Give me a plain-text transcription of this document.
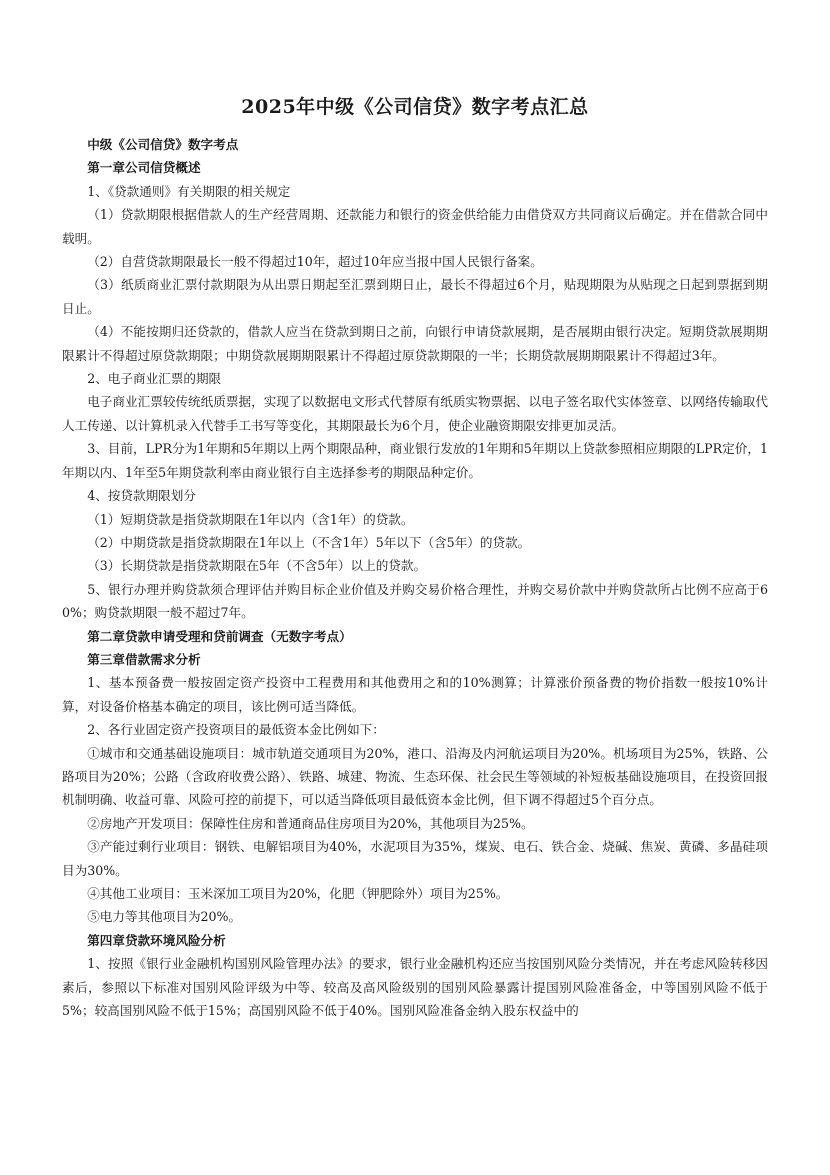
2025年中级《公司信贷》数字考点汇总

中级《公司信贷》数字考点

第一章公司信贷概述

1、《贷款通则》有关期限的相关规定

（1）贷款期限根据借款人的生产经营周期、还款能力和银行的资金供给能力由借贷双方共同商议后确定。并在借款合同中载明。

（2）自营贷款期限最长一般不得超过10年，超过10年应当报中国人民银行备案。

（3）纸质商业汇票付款期限为从出票日期起至汇票到期日止，最长不得超过6个月，贴现期限为从贴现之日起到票据到期日止。

（4）不能按期归还贷款的，借款人应当在贷款到期日之前，向银行申请贷款展期，是否展期由银行决定。短期贷款展期期限累计不得超过原贷款期限；中期贷款展期期限累计不得超过原贷款期限的一半；长期贷款展期期限累计不得超过3年。

2、电子商业汇票的期限

电子商业汇票较传统纸质票据，实现了以数据电文形式代替原有纸质实物票据、以电子签名取代实体签章、以网络传输取代人工传递、以计算机录入代替手工书写等变化，其期限最长为6个月，使企业融资期限安排更加灵活。

3、目前，LPR分为1年期和5年期以上两个期限品种，商业银行发放的1年期和5年期以上贷款参照相应期限的LPR定价，1年期以内、1年至5年期贷款利率由商业银行自主选择参考的期限品种定价。

4、按贷款期限划分

（1）短期贷款是指贷款期限在1年以内（含1年）的贷款。

（2）中期贷款是指贷款期限在1年以上（不含1年）5年以下（含5年）的贷款。

（3）长期贷款是指贷款期限在5年（不含5年）以上的贷款。

5、银行办理并购贷款须合理评估并购目标企业价值及并购交易价格合理性，并购交易价款中并购贷款所占比例不应高于60%；购贷款期限一般不超过7年。

第二章贷款申请受理和贷前调查（无数字考点）

第三章借款需求分析

1、基本预备费一般按固定资产投资中工程费用和其他费用之和的10%测算；计算涨价预备费的物价指数一般按10%计算，对设备价格基本确定的项目，该比例可适当降低。

2、各行业固定资产投资项目的最低资本金比例如下：

①城市和交通基础设施项目：城市轨道交通项目为20%，港口、沿海及内河航运项目为20%。机场项目为25%，铁路、公路项目为20%；公路（含政府收费公路）、铁路、城建、物流、生态环保、社会民生等领域的补短板基础设施项目，在投资回报机制明确、收益可靠、风险可控的前提下，可以适当降低项目最低资本金比例，但下调不得超过5个百分点。

②房地产开发项目：保障性住房和普通商品住房项目为20%，其他项目为25%。

③产能过剩行业项目：钢铁、电解铝项目为40%，水泥项目为35%，煤炭、电石、铁合金、烧碱、焦炭、黄磷、多晶硅项目为30%。

④其他工业项目：玉米深加工项目为20%，化肥（钾肥除外）项目为25%。

⑤电力等其他项目为20%。

第四章贷款环境风险分析

1、按照《银行业金融机构国别风险管理办法》的要求，银行业金融机构还应当按国别风险分类情况，并在考虑风险转移因素后，参照以下标准对国别风险评级为中等、较高及高风险级别的国别风险暴露计提国别风险准备金，中等国别风险不低于5%；较高国别风险不低于15%；高国别风险不低于40%。国别风险准备金纳入股东权益中的
